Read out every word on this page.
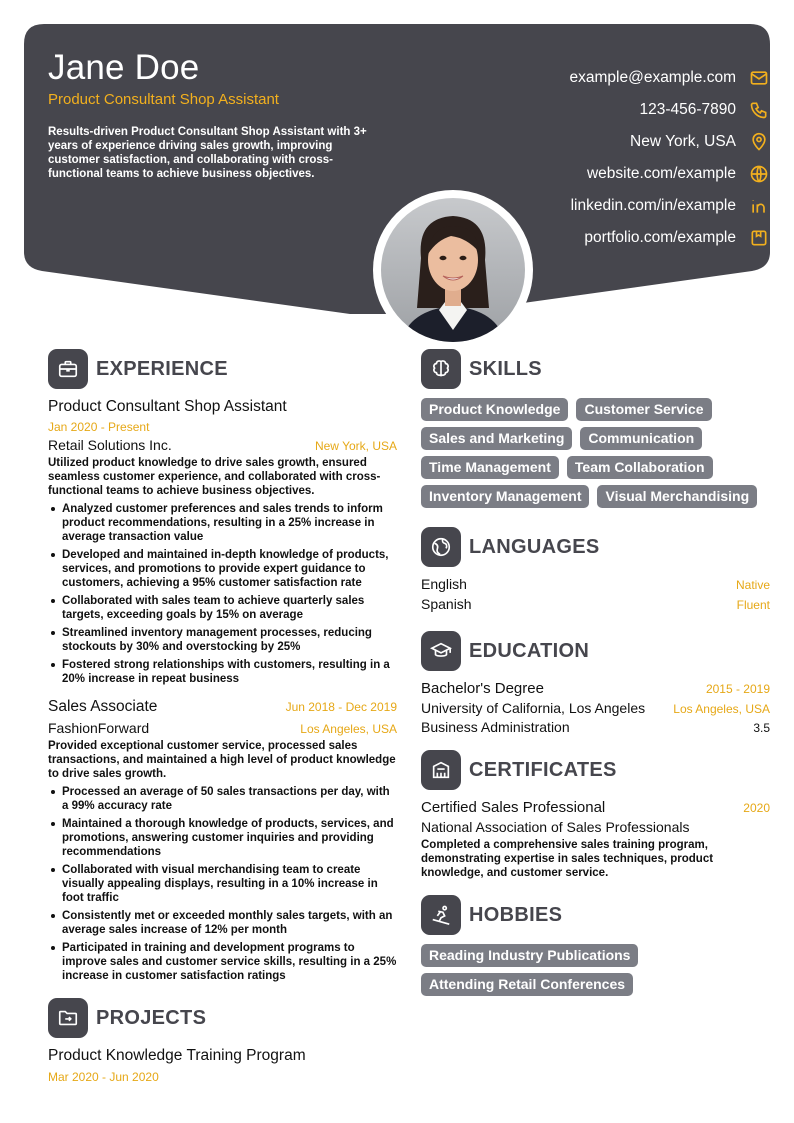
Jane Doe
Product Consultant Shop Assistant
Results-driven Product Consultant Shop Assistant with 3+ years of experience driving sales growth, improving customer satisfaction, and collaborating with cross-functional teams to achieve business objectives.
example@example.com
123-456-7890
New York, USA
website.com/example
linkedin.com/in/example
portfolio.com/example
EXPERIENCE
Product Consultant Shop Assistant
Jan 2020 - Present
Retail Solutions Inc.	New York, USA
Utilized product knowledge to drive sales growth, ensured seamless customer experience, and collaborated with cross-functional teams to achieve business objectives.
Analyzed customer preferences and sales trends to inform product recommendations, resulting in a 25% increase in average transaction value
Developed and maintained in-depth knowledge of products, services, and promotions to provide expert guidance to customers, achieving a 95% customer satisfaction rate
Collaborated with sales team to achieve quarterly sales targets, exceeding goals by 15% on average
Streamlined inventory management processes, reducing stockouts by 30% and overstocking by 25%
Fostered strong relationships with customers, resulting in a 20% increase in repeat business
Sales Associate	Jun 2018 - Dec 2019
FashionForward	Los Angeles, USA
Provided exceptional customer service, processed sales transactions, and maintained a high level of product knowledge to drive sales growth.
Processed an average of 50 sales transactions per day, with a 99% accuracy rate
Maintained a thorough knowledge of products, services, and promotions, answering customer inquiries and providing recommendations
Collaborated with visual merchandising team to create visually appealing displays, resulting in a 10% increase in foot traffic
Consistently met or exceeded monthly sales targets, with an average sales increase of 12% per month
Participated in training and development programs to improve sales and customer service skills, resulting in a 25% increase in customer satisfaction ratings
PROJECTS
Product Knowledge Training Program
Mar 2020 - Jun 2020
SKILLS
Product Knowledge	Customer Service
Sales and Marketing	Communication
Time Management	Team Collaboration
Inventory Management	Visual Merchandising
LANGUAGES
English	Native
Spanish	Fluent
EDUCATION
Bachelor's Degree	2015 - 2019
University of California, Los Angeles Los Angeles, USA
Business Administration	3.5
CERTIFICATES
Certified Sales Professional	2020
National Association of Sales Professionals
Completed a comprehensive sales training program, demonstrating expertise in sales techniques, product knowledge, and customer service.
HOBBIES
Reading Industry Publications
Attending Retail Conferences
